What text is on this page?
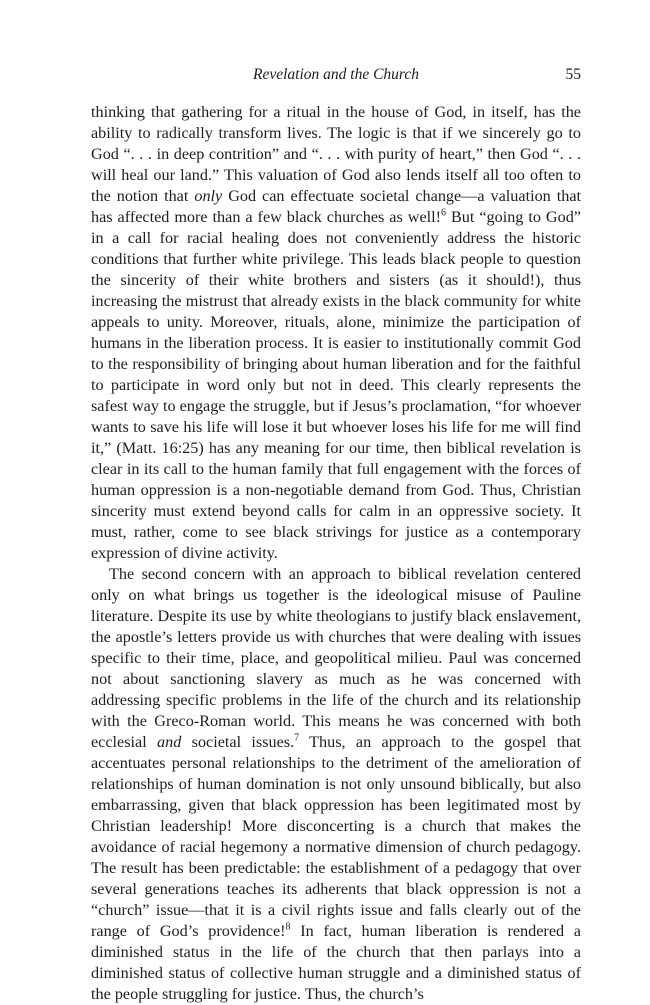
Revelation and the Church	55

thinking that gathering for a ritual in the house of God, in itself, has the ability to radically transform lives. The logic is that if we sincerely go to God “. . . in deep contrition” and “. . . with purity of heart,” then God “. . . will heal our land.” This valuation of God also lends itself all too often to the notion that only God can effectuate societal change—a valuation that has affected more than a few black churches as well!$^6$ But “going to God” in a call for racial healing does not conveniently address the historic conditions that further white privilege. This leads black people to question the sincerity of their white brothers and sisters (as it should!), thus increasing the mistrust that already exists in the black community for white appeals to unity. Moreover, rituals, alone, minimize the participation of humans in the liberation process. It is easier to institutionally commit God to the responsibility of bringing about human liberation and for the faithful to participate in word only but not in deed. This clearly represents the safest way to engage the struggle, but if Jesus’s proclamation, “for whoever wants to save his life will lose it but whoever loses his life for me will find it,” (Matt. 16:25) has any meaning for our time, then biblical revelation is clear in its call to the human family that full engagement with the forces of human oppression is a non-negotiable demand from God. Thus, Christian sincerity must extend beyond calls for calm in an oppressive society. It must, rather, come to see black strivings for justice as a contemporary expression of divine activity.

The second concern with an approach to biblical revelation centered only on what brings us together is the ideological misuse of Pauline literature. Despite its use by white theologians to justify black enslavement, the apostle’s letters provide us with churches that were dealing with issues specific to their time, place, and geopolitical milieu. Paul was concerned not about sanctioning slavery as much as he was concerned with addressing specific problems in the life of the church and its relationship with the Greco-Roman world. This means he was concerned with both ecclesial and societal issues.$^7$ Thus, an approach to the gospel that accentuates personal relationships to the detriment of the amelioration of relationships of human domination is not only unsound biblically, but also embarrassing, given that black oppression has been legitimated most by Christian leadership! More disconcerting is a church that makes the avoidance of racial hegemony a normative dimension of church pedagogy. The result has been predictable: the establishment of a pedagogy that over several generations teaches its adherents that black oppression is not a “church” issue—that it is a civil rights issue and falls clearly out of the range of God’s providence!$^8$ In fact, human liberation is rendered a diminished status in the life of the church that then parlays into a diminished status of collective human struggle and a diminished status of the people struggling for justice. Thus, the church’s
